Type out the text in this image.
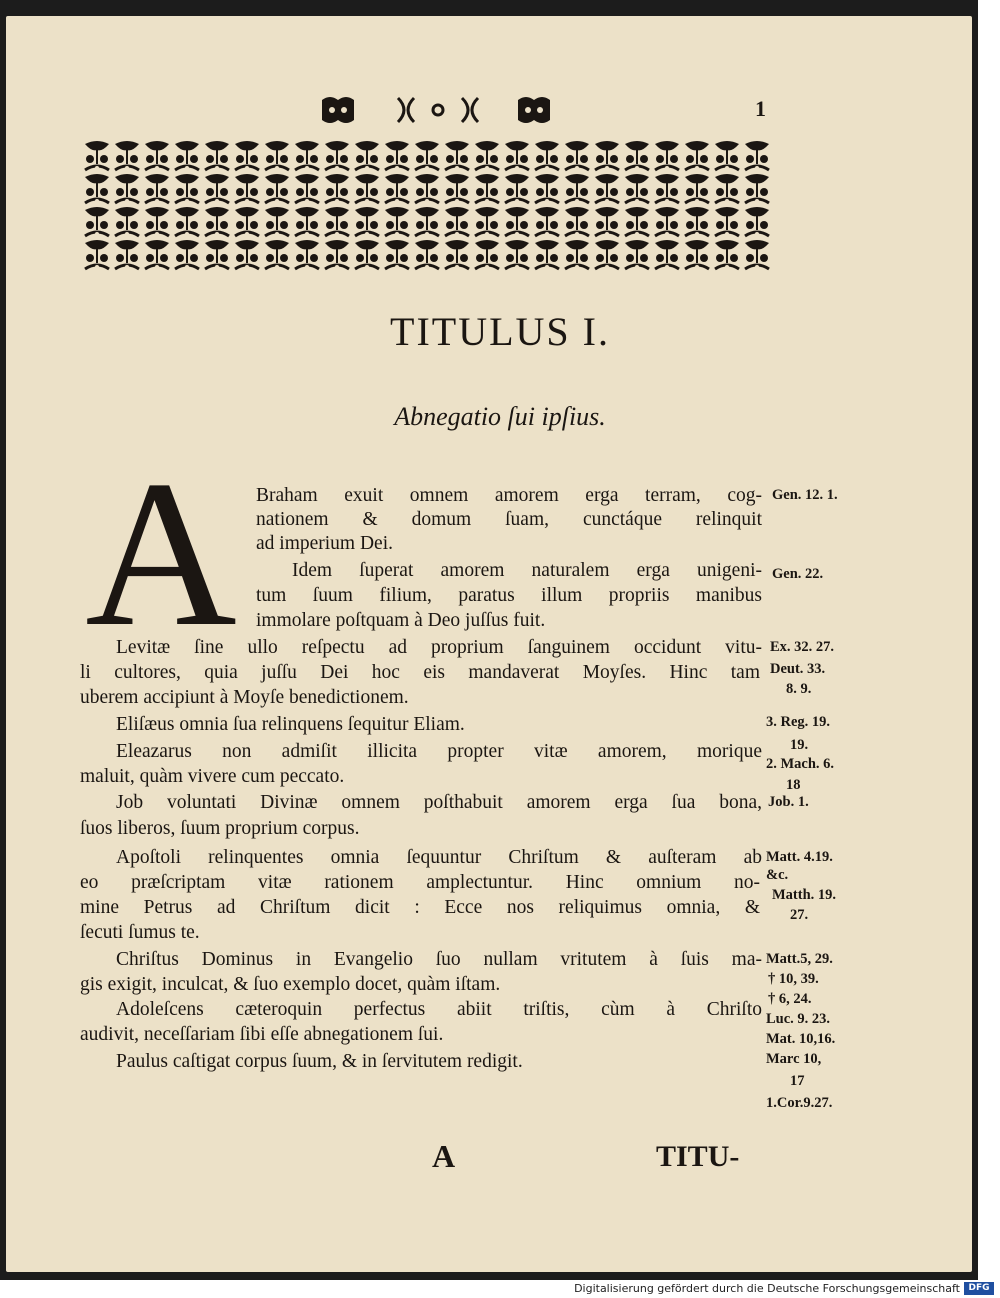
1
TITULUS I.
Abnegatio ſui ipſius.
A Braham exuit omnem amorem erga terram, cog-
nationem & domum ſuam, cunctáque relinquit
ad imperium Dei.
Idem ſuperat amorem naturalem erga unigeni-
tum ſuum filium, paratus illum propriis manibus
immolare poſtquam à Deo juſſus fuit.
Levitæ ſine ullo reſpectu ad proprium ſanguinem occidunt vitu-
li cultores, quia juſſu Dei hoc eis mandaverat Moyſes. Hinc tam
uberem accipiunt à Moyſe benedictionem.
Eliſæus omnia ſua relinquens ſequitur Eliam.
Eleazarus non admiſit illicita propter vitæ amorem, morique
maluit, quàm vivere cum peccato.
Job voluntati Divinæ omnem poſthabuit amorem erga ſua bona,
ſuos liberos, ſuum proprium corpus.
Apoſtoli relinquentes omnia ſequuntur Chriſtum & auſteram ab
eo præſcriptam vitæ rationem amplectuntur. Hinc omnium no-
mine Petrus ad Chriſtum dicit : Ecce nos reliquimus omnia, &
ſecuti ſumus te.
Chriſtus Dominus in Evangelio ſuo nullam vritutem à ſuis ma-
gis exigit, inculcat, & ſuo exemplo docet, quàm iſtam.
Adoleſcens cæteroquin perfectus abiit triſtis, cùm à Chriſto
audivit, neceſſariam ſibi eſſe abnegationem ſui.
Paulus caſtigat corpus ſuum, & in ſervitutem redigit.
Gen. 12. 1.
Gen. 22.
Ex. 32. 27.
Deut. 33.
8. 9.
3. Reg. 19.
19.
2. Mach. 6.
18
Job. 1.
Matt. 4.19.
&c.
Matth. 19.
27.
Matt.5, 29.
† 10, 39.
† 6, 24.
Luc. 9. 23.
Mat. 10,16.
Marc 10,
17
1.Cor.9.27.
A	TITU-
Digitalisierung gefördert durch die Deutsche Forschungsgemeinschaft DFG
